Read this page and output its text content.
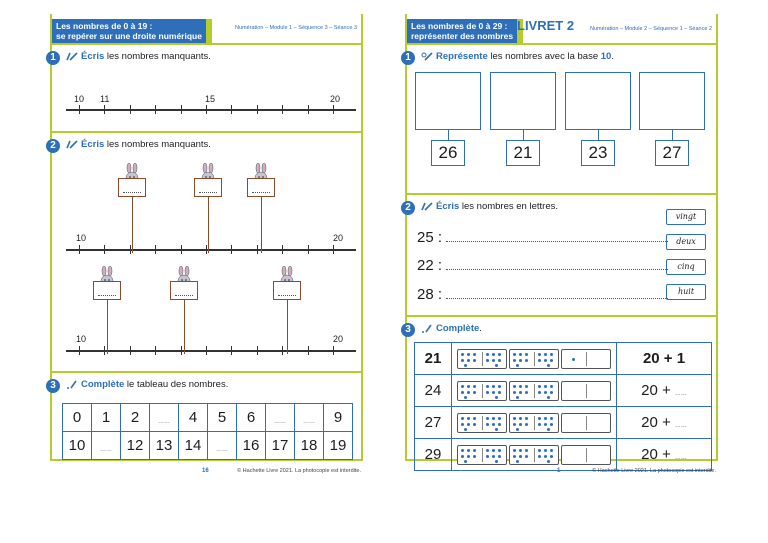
Les nombres de 0 à 19 :
se repérer sur une droite numérique
Numération – Module 1 – Séquence 3 – Séance 3
1	Écris les nombres manquants.
10 11	15	20
2	Écris les nombres manquants.
10	20
10	20
3	Complète le tableau des nombres.
0	1	2	……	4	5	6	……	……	9
10	……	12	13	14	……	16	17	18	19
16	© Hachette Livre 2021. La photocopie est interdite.
Les nombres de 0 à 29 :
représenter des nombres
LIVRET 2	Numération – Module 2 – Séquence 1 – Séance 2
1	Représente les nombres avec la base 10.
26	21	23	27
2	Écris les nombres en lettres.
25 :
22 :
28 :
vingt
deux
cinq
huit
3	Complète.
21		20 + 1
24		20 + ……
27		20 + ……
29		20 + ……
1	© Hachette Livre 2021. La photocopie est interdite.
